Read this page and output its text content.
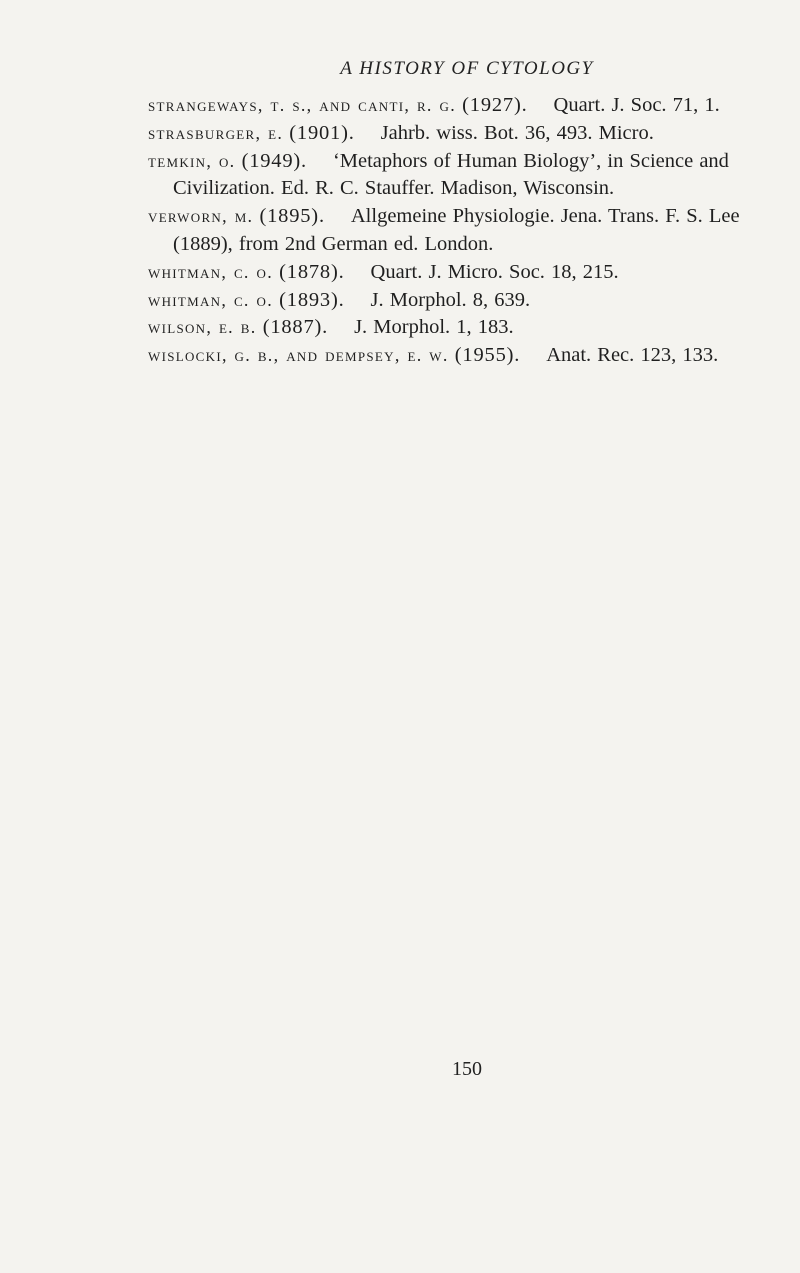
A HISTORY OF CYTOLOGY
strangeways, t. s., and canti, r. g. (1927). Quart. J. Soc. 71, 1.
strasburger, e. (1901). Jahrb. wiss. Bot. 36, 493. Micro.
temkin, o. (1949). ‘Metaphors of Human Biology’, in Science and Civilization. Ed. R. C. Stauffer. Madison, Wisconsin.
verworn, m. (1895). Allgemeine Physiologie. Jena. Trans. F. S. Lee (1889), from 2nd German ed. London.
whitman, c. o. (1878). Quart. J. Micro. Soc. 18, 215.
whitman, c. o. (1893). J. Morphol. 8, 639.
wilson, e. b. (1887). J. Morphol. 1, 183.
wislocki, g. b., and dempsey, e. w. (1955). Anat. Rec. 123, 133.
150
